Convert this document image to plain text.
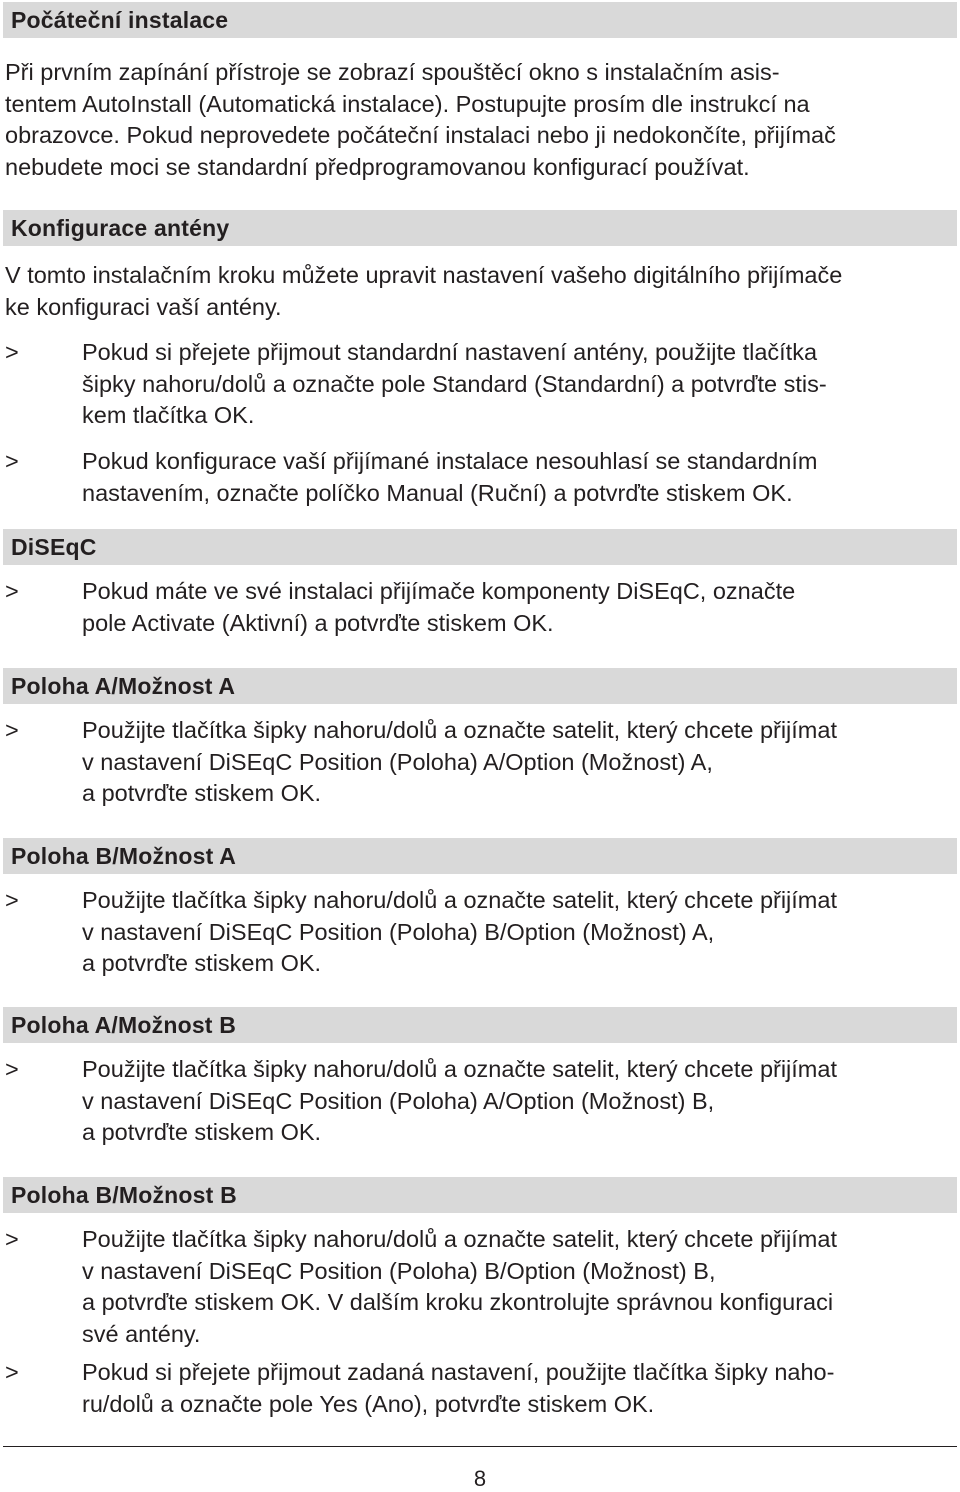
Počáteční instalace

Při prvním zapínání přístroje se zobrazí spouštěcí okno s instalačním asis-
tentem AutoInstall (Automatická instalace). Postupujte prosím dle instrukcí na
obrazovce. Pokud neprovedete počáteční instalaci nebo ji nedokončíte, přijímač
nebudete moci se standardní předprogramovanou konfigurací používat.

Konfigurace antény

V tomto instalačním kroku můžete upravit nastavení vašeho digitálního přijímače
ke konfiguraci vaší antény.

>	Pokud si přejete přijmout standardní nastavení antény, použijte tlačítka
šipky nahoru/dolů a označte pole Standard (Standardní) a potvrďte stis-
kem tlačítka OK.
>	Pokud konfigurace vaší přijímané instalace nesouhlasí se standardním
nastavením, označte políčko Manual (Ruční) a potvrďte stiskem OK.
DiSEqC
>	Pokud máte ve své instalaci přijímače komponenty DiSEqC, označte
pole Activate (Aktivní) a potvrďte stiskem OK.
Poloha A/Možnost A
>	Použijte tlačítka šipky nahoru/dolů a označte satelit, který chcete přijímat
v nastavení DiSEqC Position (Poloha) A/Option (Možnost) A,
a potvrďte stiskem OK.
Poloha B/Možnost A
>	Použijte tlačítka šipky nahoru/dolů a označte satelit, který chcete přijímat
v nastavení DiSEqC Position (Poloha) B/Option (Možnost) A,
a potvrďte stiskem OK.
Poloha A/Možnost B
>	Použijte tlačítka šipky nahoru/dolů a označte satelit, který chcete přijímat
v nastavení DiSEqC Position (Poloha) A/Option (Možnost) B,
a potvrďte stiskem OK.
Poloha B/Možnost B
>	Použijte tlačítka šipky nahoru/dolů a označte satelit, který chcete přijímat
v nastavení DiSEqC Position (Poloha) B/Option (Možnost) B,
a potvrďte stiskem OK. V dalším kroku zkontrolujte správnou konfiguraci
své antény.
>	Pokud si přejete přijmout zadaná nastavení, použijte tlačítka šipky naho-
ru/dolů a označte pole Yes (Ano), potvrďte stiskem OK.
8
